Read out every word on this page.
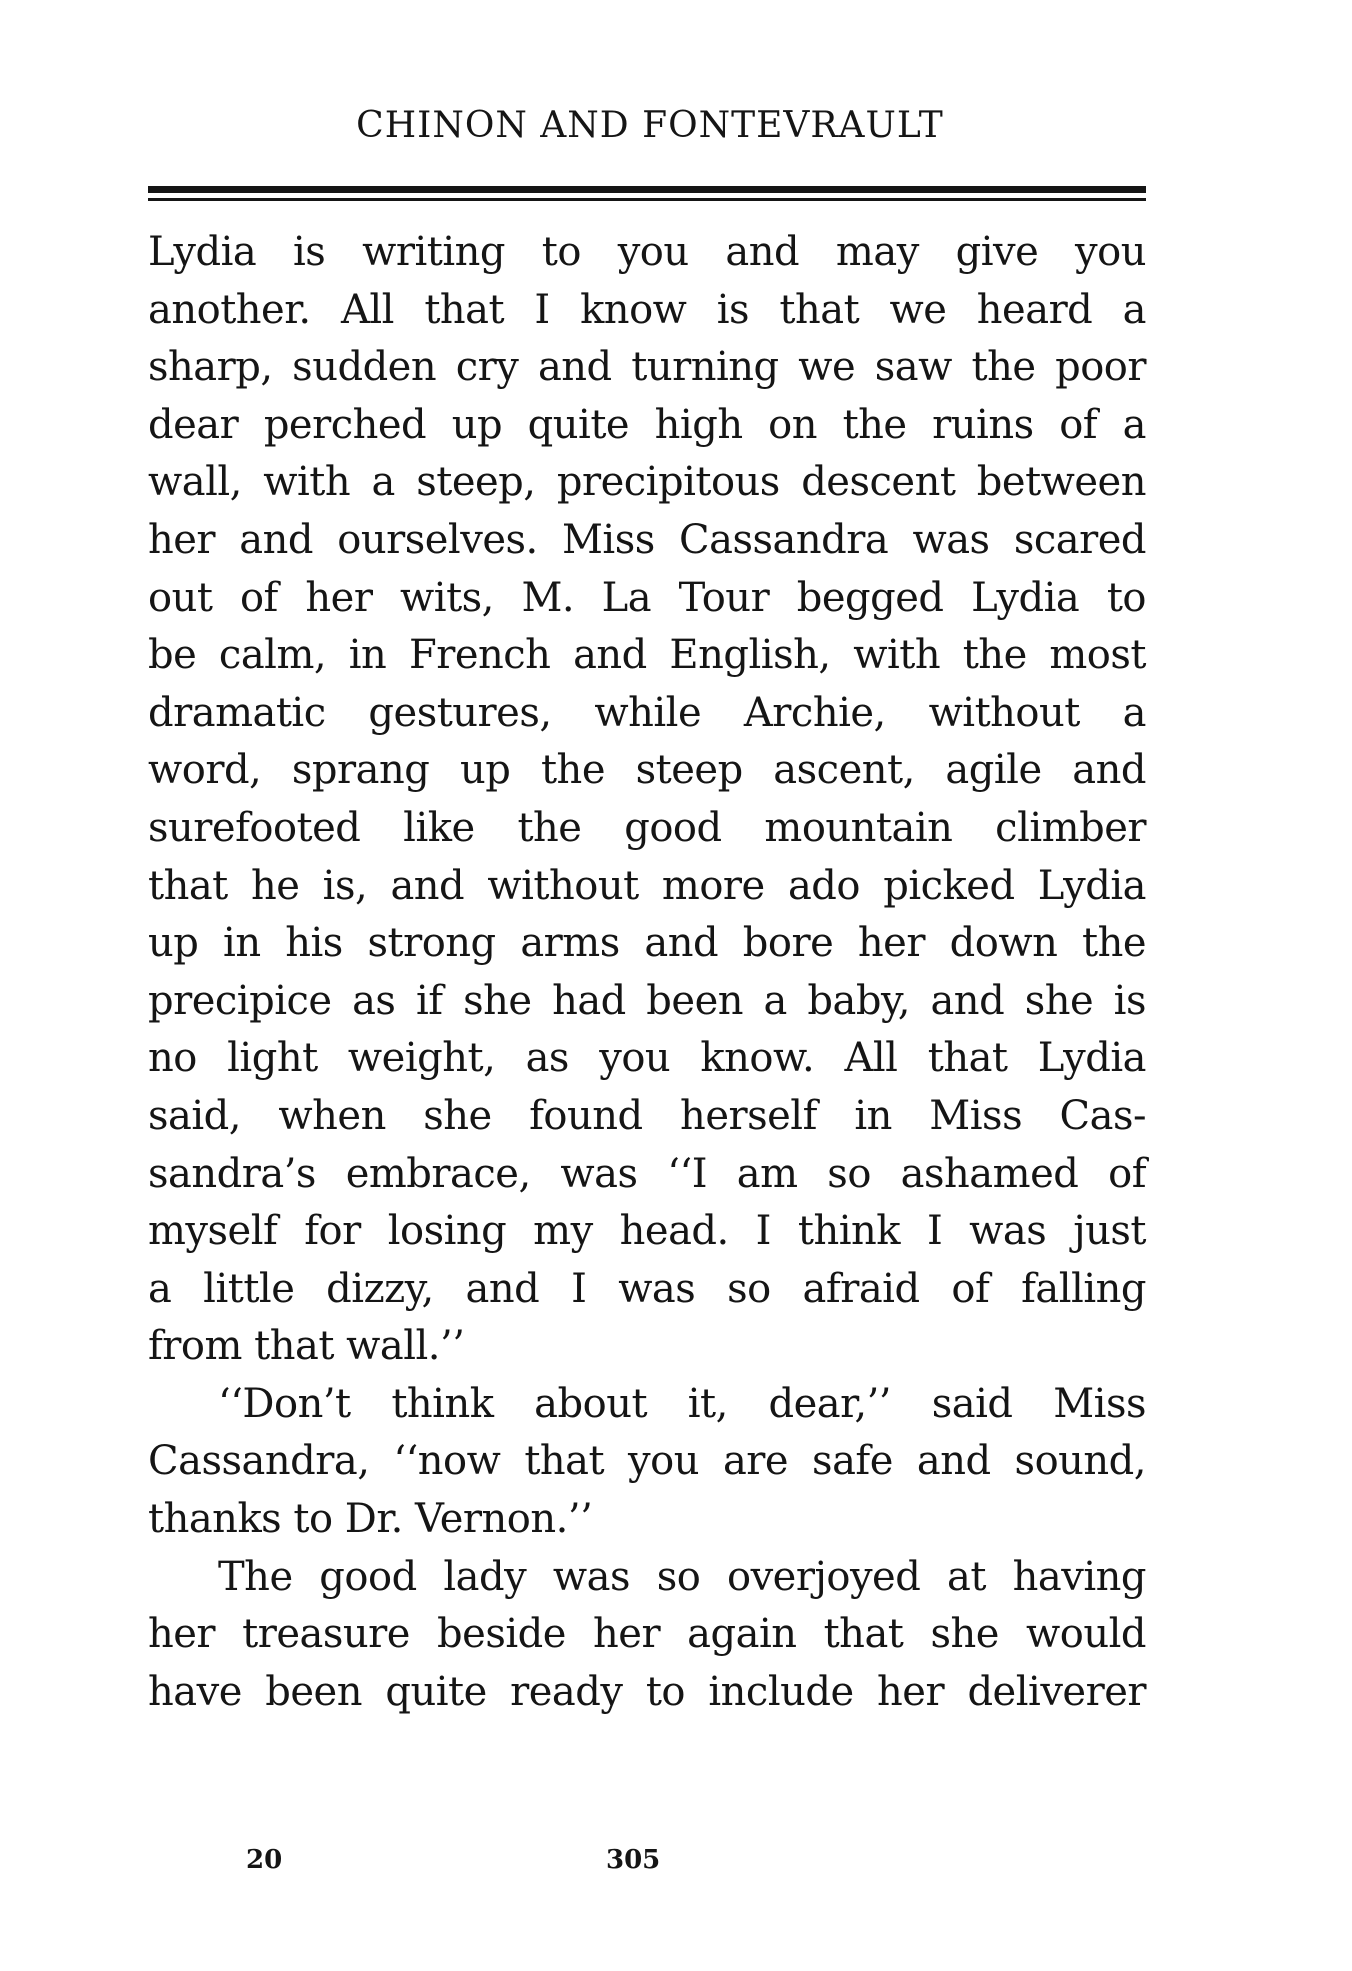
CHINON AND FONTEVRAULT
Lydia is writing to you and may give you
another. All that I know is that we heard a
sharp, sudden cry and turning we saw the poor
dear perched up quite high on the ruins of a
wall, with a steep, precipitous descent between
her and ourselves. Miss Cassandra was scared
out of her wits, M. La Tour begged Lydia to
be calm, in French and English, with the most
dramatic gestures, while Archie, without a
word, sprang up the steep ascent, agile and
surefooted like the good mountain climber
that he is, and without more ado picked Lydia
up in his strong arms and bore her down the
precipice as if she had been a baby, and she is
no light weight, as you know. All that Lydia
said, when she found herself in Miss Cas-
sandra’s embrace, was ‘‘I am so ashamed of
myself for losing my head. I think I was just
a little dizzy, and I was so afraid of falling
from that wall.’’
‘‘Don’t think about it, dear,’’ said Miss
Cassandra, ‘‘now that you are safe and sound,
thanks to Dr. Vernon.’’
The good lady was so overjoyed at having
her treasure beside her again that she would
have been quite ready to include her deliverer
20	305
